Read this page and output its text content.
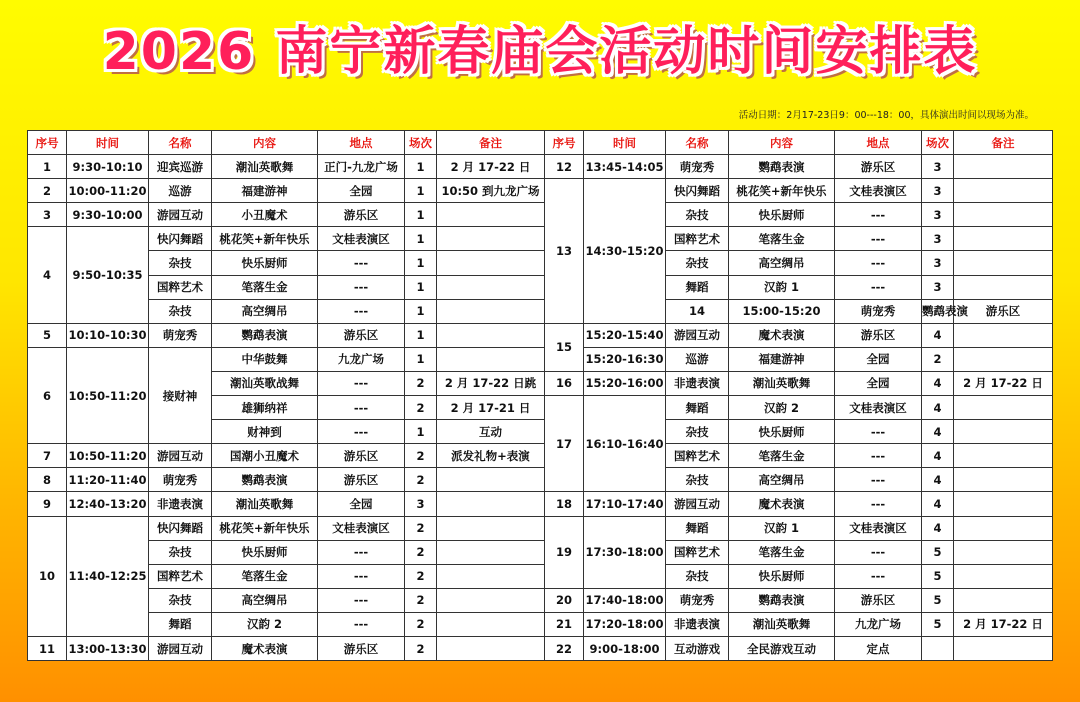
2026 南宁新春庙会活动时间安排表
活动日期：2月17-23日9：00---18：00，具体演出时间以现场为准。
序号	时间	名称	内容	地点	场次	备注	序号	时间	名称	内容	地点	场次	备注	
1	9:30-10:10	迎宾巡游	潮汕英歌舞	正门-九龙广场	1	2 月 17-22 日	12	13:45-14:05	萌宠秀	鹦鹉表演	游乐区	3		
2	10:00-11:20	巡游	福建游神	全园	1	10:50 到九龙广场	13	14:30-15:20	快闪舞蹈	桃花笑+新年快乐	文桂表演区	3		
3	9:30-10:00	游园互动	小丑魔术	游乐区	1				杂技	快乐厨师	---	3		
4	9:50-10:35	快闪舞蹈	桃花笑+新年快乐	文桂表演区	1				国粹艺术	笔落生金	---	3		
		杂技	快乐厨师	---	1				杂技	高空绸吊	---	3		
		国粹艺术	笔落生金	---	1				舞蹈	汉韵 1	---	3		
		杂技	高空绸吊	---	1				14	15:00-15:20	萌宠秀	鹦鹉表演	游乐区		
5	10:10-10:30	萌宠秀	鹦鹉表演	游乐区	1		15	15:20-15:40	游园互动	魔术表演	游乐区	4		
6	10:50-11:20	接财神	中华鼓舞	九龙广场	1			15:20-16:30	巡游	福建游神	全园	2		
			潮汕英歌战舞	---	2	2 月 17-22 日跳	16	15:20-16:00	非遗表演	潮汕英歌舞	全园	4	2 月 17-22 日	
			雄狮纳祥	---	2	2 月 17-21 日	17	16:10-16:40	舞蹈	汉韵 2	文桂表演区	4		
			财神到	---	1	互动			杂技	快乐厨师	---	4		
7	10:50-11:20	游园互动	国潮小丑魔术	游乐区	2	派发礼物+表演			国粹艺术	笔落生金	---	4		
8	11:20-11:40	萌宠秀	鹦鹉表演	游乐区	2				杂技	高空绸吊	---	4		
9	12:40-13:20	非遗表演	潮汕英歌舞	全园	3		18	17:10-17:40	游园互动	魔术表演	---	4		
10	11:40-12:25	快闪舞蹈	桃花笑+新年快乐	文桂表演区	2		19	17:30-18:00	舞蹈	汉韵 1	文桂表演区	4		
		杂技	快乐厨师	---	2				国粹艺术	笔落生金	---	5		
		国粹艺术	笔落生金	---	2				杂技	快乐厨师	---	5		
		杂技	高空绸吊	---	2		20	17:40-18:00	萌宠秀	鹦鹉表演	游乐区	5		
		舞蹈	汉韵 2	---	2		21	17:20-18:00	非遗表演	潮汕英歌舞	九龙广场	5	2 月 17-22 日	
11	13:00-13:30	游园互动	魔术表演	游乐区	2		22	9:00-18:00	互动游戏	全民游戏互动	定点			
